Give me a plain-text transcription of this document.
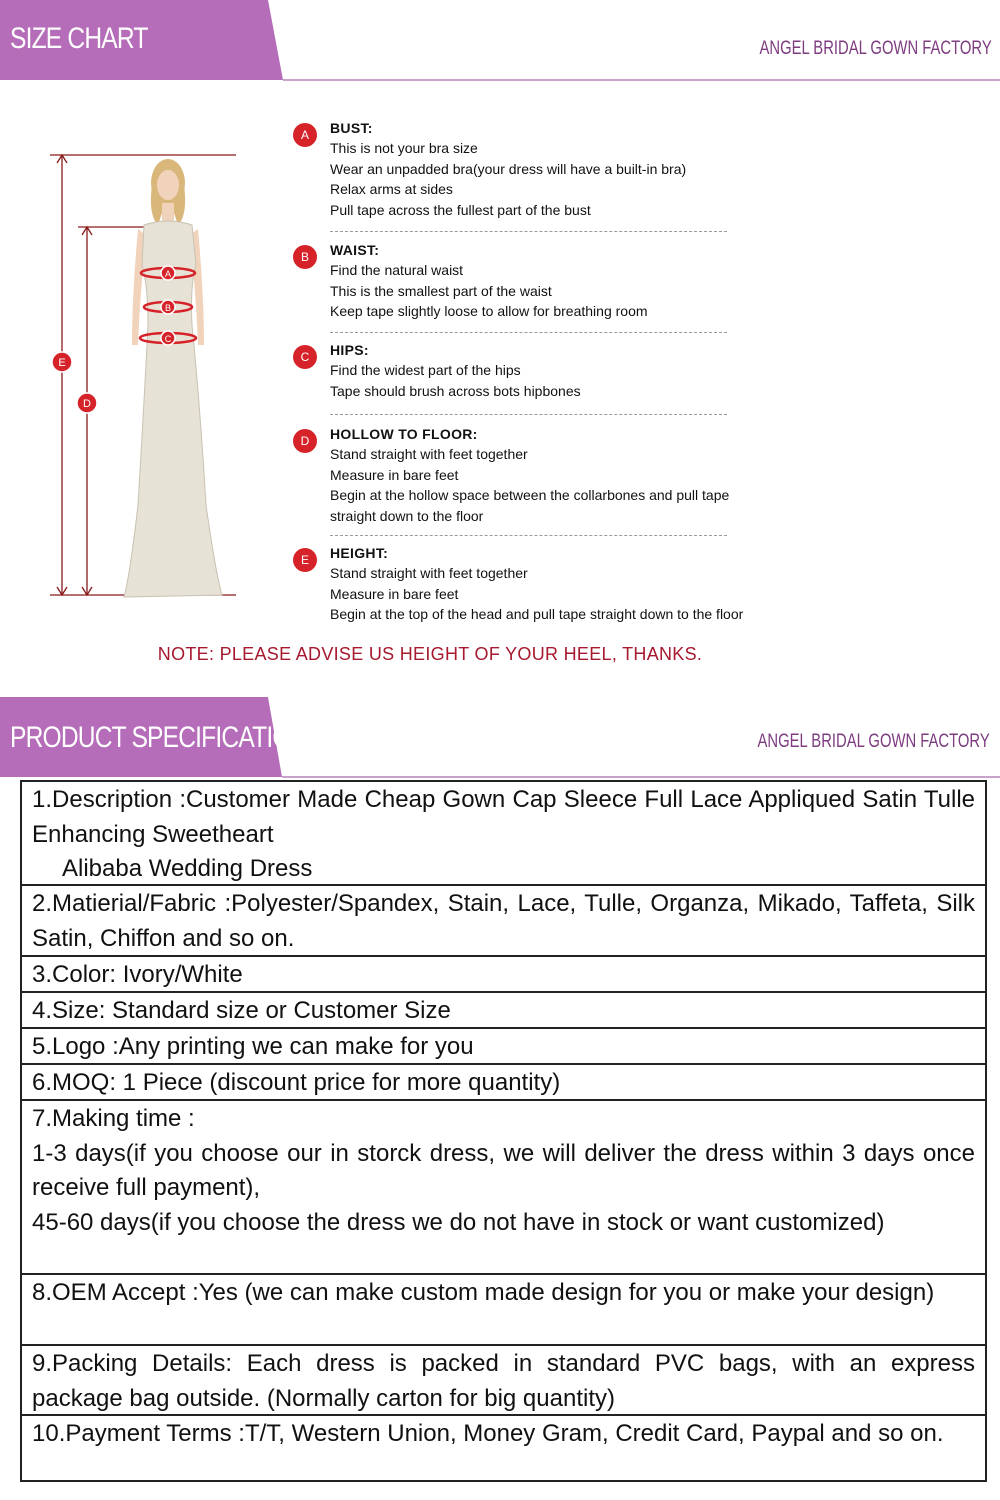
SIZE CHART	ANGEL BRIDAL GOWN FACTORY
A
B
C
E
D
A	BUST:
This is not your bra size
Wear an unpadded bra(your dress will have a built-in bra)
Relax arms at sides
Pull tape across the fullest part of the bust
B	WAIST:
Find the natural waist
This is the smallest part of the waist
Keep tape slightly loose to allow for breathing room
C	HIPS:
Find the widest part of the hips
Tape should brush across bots hipbones
D	HOLLOW TO FLOOR:
Stand straight with feet together
Measure in bare feet
Begin at the hollow space between the collarbones and pull tape
straight down to the floor
E	HEIGHT:
Stand straight with feet together
Measure in bare feet
Begin at the top of the head and pull tape straight down to the floor
NOTE: PLEASE ADVISE US HEIGHT OF YOUR HEEL, THANKS.
PRODUCT SPECIFICATION	ANGEL BRIDAL GOWN FACTORY

1.Description :Customer Made Cheap Gown Cap Sleece Full Lace Appliqued Satin Tulle Enhancing Sweetheart

Alibaba Wedding Dress

2.Matierial/Fabric :Polyester/Spandex, Stain, Lace, Tulle, Organza, Mikado, Taffeta, Silk Satin, Chiffon and so on.

3.Color: Ivory/White

4.Size: Standard size or Customer Size

5.Logo :Any printing we can make for you

6.MOQ: 1 Piece (discount price for more quantity)

7.Making time :

1-3 days(if you choose our in storck dress, we will deliver the dress within 3 days once receive full payment),

45-60 days(if you choose the dress we do not have in stock or want customized)

8.OEM Accept :Yes (we can make custom made design for you or make your design)

9.Packing Details: Each dress is packed in standard PVC bags, with an express package bag outside. (Normally carton for big quantity)

10.Payment Terms :T/T, Western Union, Money Gram, Credit Card, Paypal and so on.
